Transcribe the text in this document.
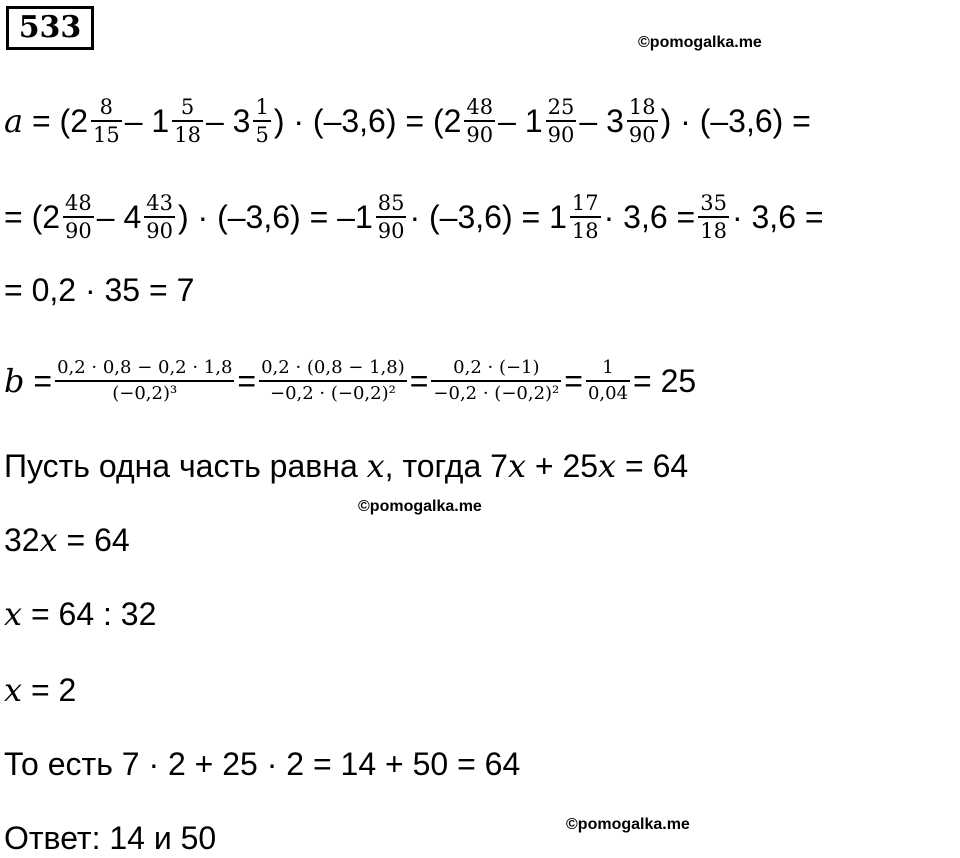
533	©pomogalka.me
©pomogalka.me
©pomogalka.me
$a = (2 \frac{8}{15} - 1 \frac{5}{18} - 3 \frac{1}{5}$ ) · $(-3,6) = (2 \frac{48}{90} - 1 \frac{25}{90} - 3 \frac{18}{90}$ ) · (–3,6) =
= ($2 \frac{48}{90} - 4 \frac{43}{90}$ ) · $(-3,6) = -1 \frac{85}{90} \cdot (-3,6) = 1 \frac{17}{18} \cdot 3,6 = \frac{35}{18} \cdot 3,6$ =
= 0,2 · 35 = 7
$b = \frac{0,2 \cdot 0,8 - 0,2 \cdot 1,8}{\text{(−0,2)³}} = \frac{0,2 \cdot (0,8 - 1,8)}{\text{−0,2 · (−0,2)²}} = \frac{0,2 \cdot (-1)}{\text{−0,2 · (−0,2)²}} = \frac{1}{0,04} = 25$
Пусть одна часть равна x , тогда 7 x + 25 x = 64
32 x = 64
x = 64 : 32
x = 2
То есть 7 · 2 + 25 · 2 = 14 + 50 = 64
Ответ: 14 и 50
